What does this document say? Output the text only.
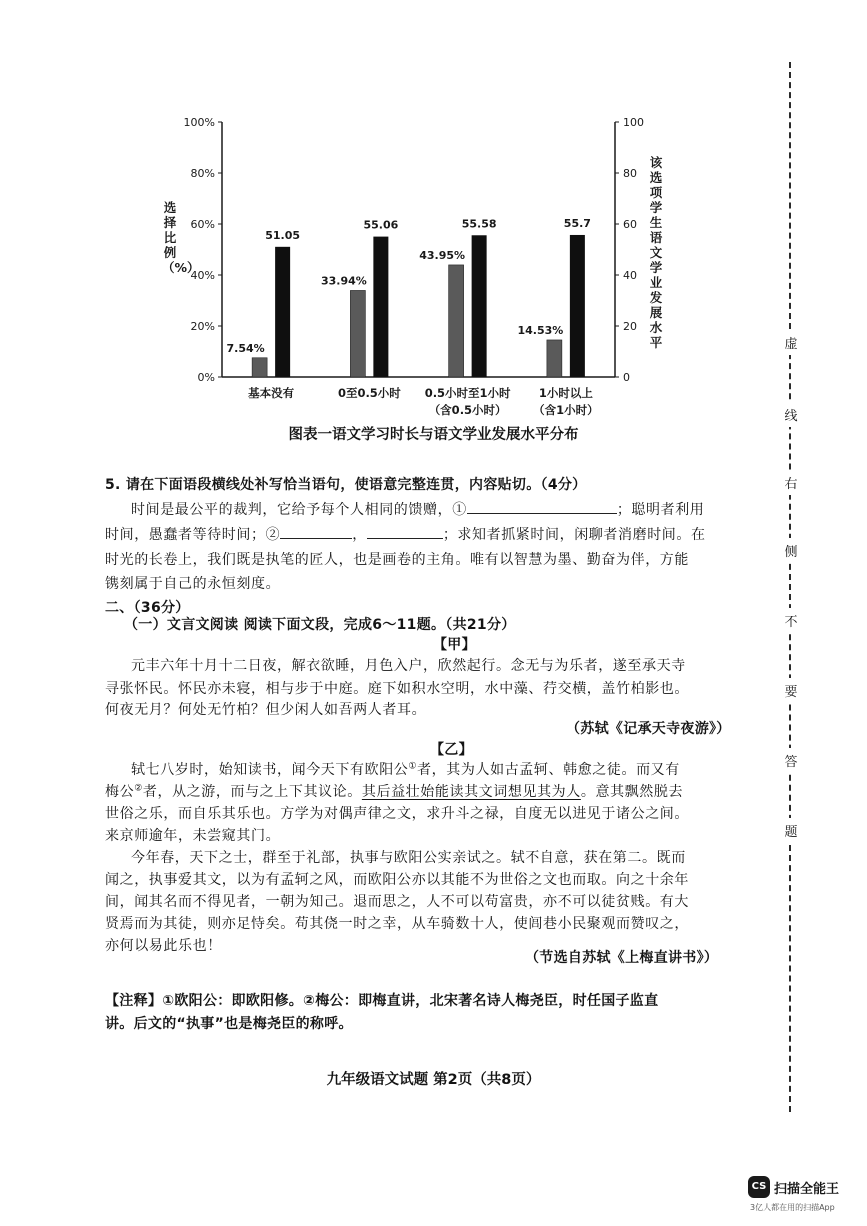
0%
20%
40%
60%
80%
100%
0
20
40
60
80
100
7.54%
51.05
基本没有
33.94%
55.06
0至0.5小时
43.95%
55.58
0.5小时至1小时
（含0.5小时）
14.53%
55.7
1小时以上
（含1小时）
选择比例（%）
该选项学生语文学业发展水平
图表一语文学习时长与语文学业发展水平分布
5. 请在下面语段横线处补写恰当语句，使语意完整连贯，内容贴切。（4分）
时间是最公平的裁判，它给予每个人相同的馈赠，①	；聪明者利用
时间，愚蠢者等待时间；②	，	；求知者抓紧时间，闲聊者消磨时间。在
时光的长卷上，我们既是执笔的匠人，也是画卷的主角。唯有以智慧为墨、勤奋为伴，方能
镌刻属于自己的永恒刻度。
二、（36分）
（一）文言文阅读 阅读下面文段，完成6～11题。（共21分）
【甲】
元丰六年十月十二日夜，解衣欲睡，月色入户，欣然起行。念无与为乐者，遂至承天寺
寻张怀民。怀民亦未寝，相与步于中庭。庭下如积水空明，水中藻、荇交横，盖竹柏影也。
何夜无月？何处无竹柏？但少闲人如吾两人者耳。
（苏轼《记承天寺夜游》）
【乙】
轼七八岁时，始知读书，闻今天下有欧阳公①者，其为人如古孟轲、韩愈之徒。而又有
梅公②者，从之游，而与之上下其议论。其后益壮始能读其文词想见其为人。意其飘然脱去
世俗之乐，而自乐其乐也。方学为对偶声律之文，求升斗之禄，自度无以进见于诸公之间。
来京师逾年，未尝窥其门。
今年春，天下之士，群至于礼部，执事与欧阳公实亲试之。轼不自意，获在第二。既而
闻之，执事爱其文，以为有孟轲之风，而欧阳公亦以其能不为世俗之文也而取。向之十余年
间，闻其名而不得见者，一朝为知己。退而思之，人不可以苟富贵，亦不可以徒贫贱。有大
贤焉而为其徒，则亦足恃矣。苟其侥一时之幸，从车骑数十人，使闾巷小民聚观而赞叹之，
亦何以易此乐也！
（节选自苏轼《上梅直讲书》）
【注释】①欧阳公：即欧阳修。②梅公：即梅直讲，北宋著名诗人梅尧臣，时任国子监直
讲。后文的“执事”也是梅尧臣的称呼。
九年级语文试题 第2页（共8页）
虚
线
右
侧
不
要
答
题
CS 扫描全能王
3亿人都在用的扫描App
